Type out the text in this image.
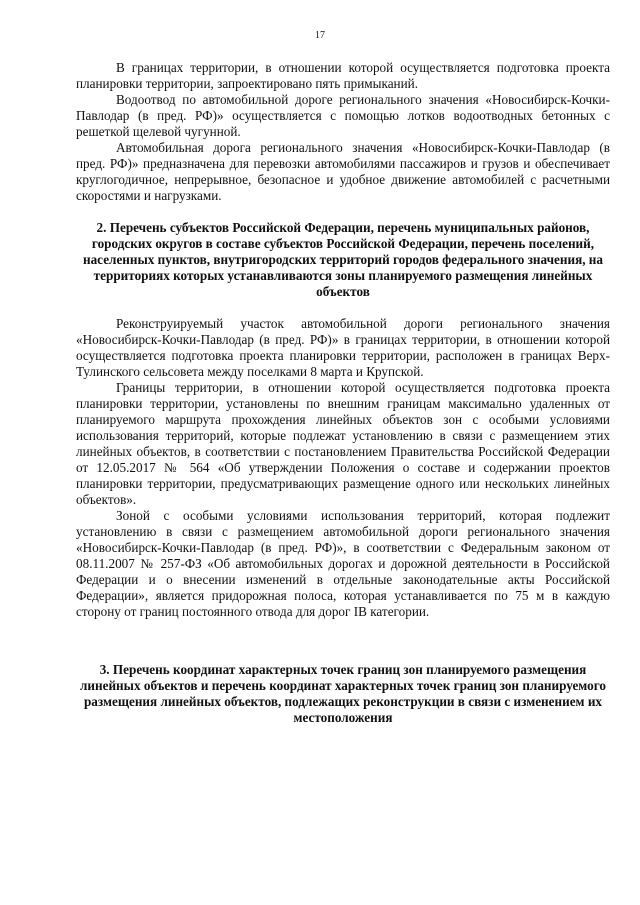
17

В границах территории, в отношении которой осуществляется подготовка проекта планировки территории, запроектировано пять примыканий.

Водоотвод по автомобильной дороге регионального значения «Новосибирск-Кочки-Павлодар (в пред. РФ)» осуществляется с помощью лотков водоотводных бетонных с решеткой щелевой чугунной.

Автомобильная дорога регионального значения «Новосибирск-Кочки-Павлодар (в пред. РФ)» предназначена для перевозки автомобилями пассажиров и грузов и обеспечивает круглогодичное, непрерывное, безопасное и удобное движение автомобилей с расчетными скоростями и нагрузками.

2. Перечень субъектов Российской Федерации, перечень муниципальных районов, городских округов в составе субъектов Российской Федерации, перечень поселений, населенных пунктов, внутригородских территорий городов федерального значения, на территориях которых устанавливаются зоны планируемого размещения линейных объектов

Реконструируемый участок автомобильной дороги регионального значения «Новосибирск-Кочки-Павлодар (в пред. РФ)» в границах территории, в отношении которой осуществляется подготовка проекта планировки территории, расположен в границах Верх-Тулинского сельсовета между поселками 8 марта и Крупской.

Границы территории, в отношении которой осуществляется подготовка проекта планировки территории, установлены по внешним границам максимально удаленных от планируемого маршрута прохождения линейных объектов зон с особыми условиями использования территорий, которые подлежат установлению в связи с размещением этих линейных объектов, в соответствии с постановлением Правительства Российской Федерации от 12.05.2017 № 564 «Об утверждении Положения о составе и содержании проектов планировки территории, предусматривающих размещение одного или нескольких линейных объектов».

Зоной с особыми условиями использования территорий, которая подлежит установлению в связи с размещением автомобильной дороги регионального значения «Новосибирск-Кочки-Павлодар (в пред. РФ)», в соответствии с Федеральным законом от 08.11.2007 № 257-ФЗ «Об автомобильных дорогах и дорожной деятельности в Российской Федерации и о внесении изменений в отдельные законодательные акты Российской Федерации», является придорожная полоса, которая устанавливается по 75 м в каждую сторону от границ постоянного отвода для дорог IВ категории.

3. Перечень координат характерных точек границ зон планируемого размещения линейных объектов и перечень координат характерных точек границ зон планируемого размещения линейных объектов, подлежащих реконструкции в связи с изменением их местоположения
